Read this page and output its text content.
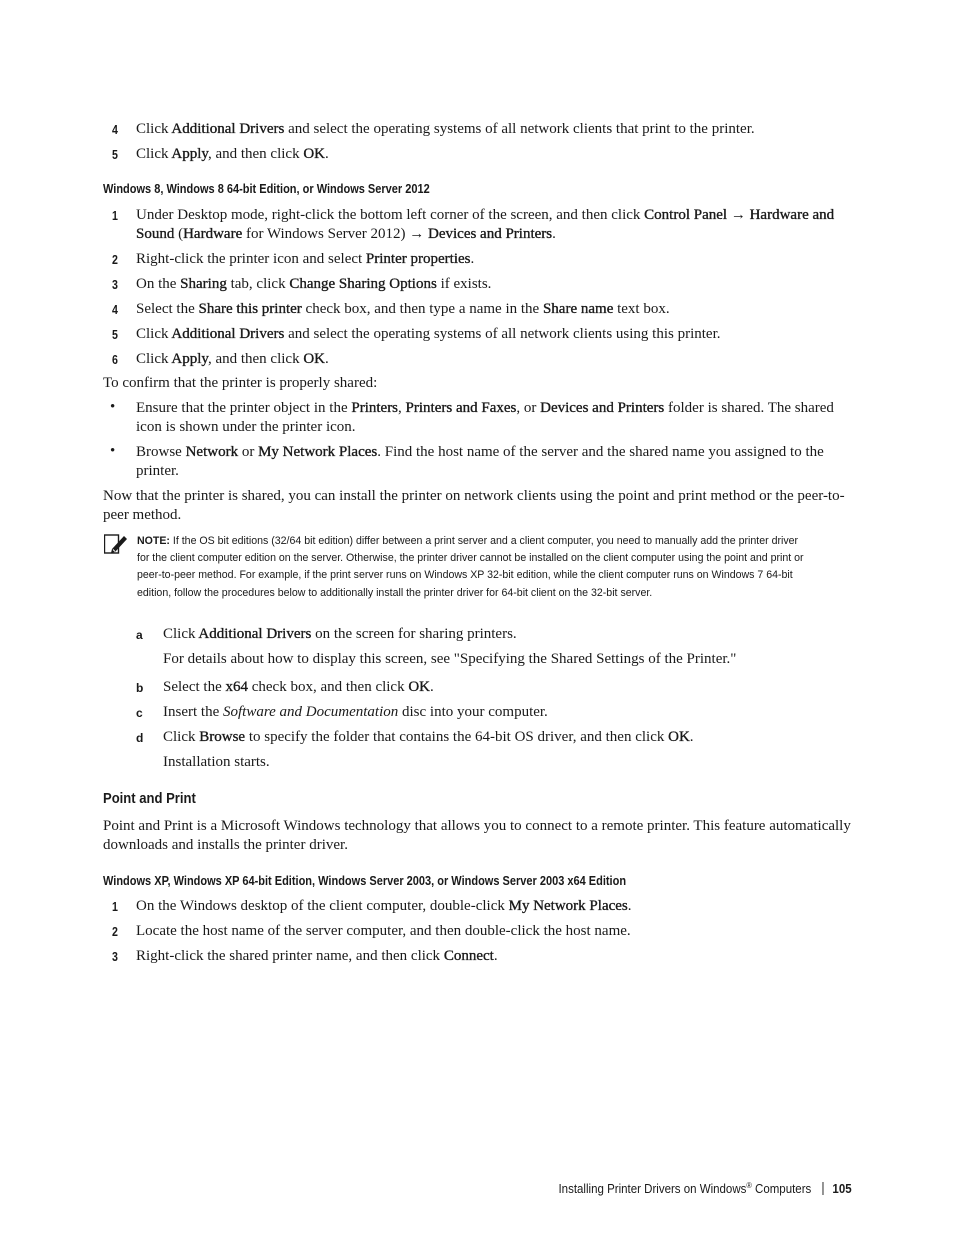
4 Click Additional Drivers and select the operating systems of all network clients that print to the printer.
5 Click Apply, and then click OK.
Windows 8, Windows 8 64-bit Edition, or Windows Server 2012
1 Under Desktop mode, right-click the bottom left corner of the screen, and then click Control Panel → Hardware and Sound (Hardware for Windows Server 2012) → Devices and Printers.
2 Right-click the printer icon and select Printer properties.
3 On the Sharing tab, click Change Sharing Options if exists.
4 Select the Share this printer check box, and then type a name in the Share name text box.
5 Click Additional Drivers and select the operating systems of all network clients using this printer.
6 Click Apply, and then click OK.
To confirm that the printer is properly shared:
• Ensure that the printer object in the Printers, Printers and Faxes, or Devices and Printers folder is shared. The shared icon is shown under the printer icon.
• Browse Network or My Network Places. Find the host name of the server and the shared name you assigned to the printer.
Now that the printer is shared, you can install the printer on network clients using the point and print method or the peer-to-peer method.
NOTE: If the OS bit editions (32/64 bit edition) differ between a print server and a client computer, you need to manually add the printer driver for the client computer edition on the server. Otherwise, the printer driver cannot be installed on the client computer using the point and print or peer-to-peer method. For example, if the print server runs on Windows XP 32-bit edition, while the client computer runs on Windows 7 64-bit edition, follow the procedures below to additionally install the printer driver for 64-bit client on the 32-bit server.
a Click Additional Drivers on the screen for sharing printers.
For details about how to display this screen, see "Specifying the Shared Settings of the Printer."
b Select the x64 check box, and then click OK.
c Insert the Software and Documentation disc into your computer.
d Click Browse to specify the folder that contains the 64-bit OS driver, and then click OK.
Installation starts.
Point and Print
Point and Print is a Microsoft Windows technology that allows you to connect to a remote printer. This feature automatically downloads and installs the printer driver.
Windows XP, Windows XP 64-bit Edition, Windows Server 2003, or Windows Server 2003 x64 Edition
1 On the Windows desktop of the client computer, double-click My Network Places.
2 Locate the host name of the server computer, and then double-click the host name.
3 Right-click the shared printer name, and then click Connect.
Installing Printer Drivers on Windows® Computers 105
